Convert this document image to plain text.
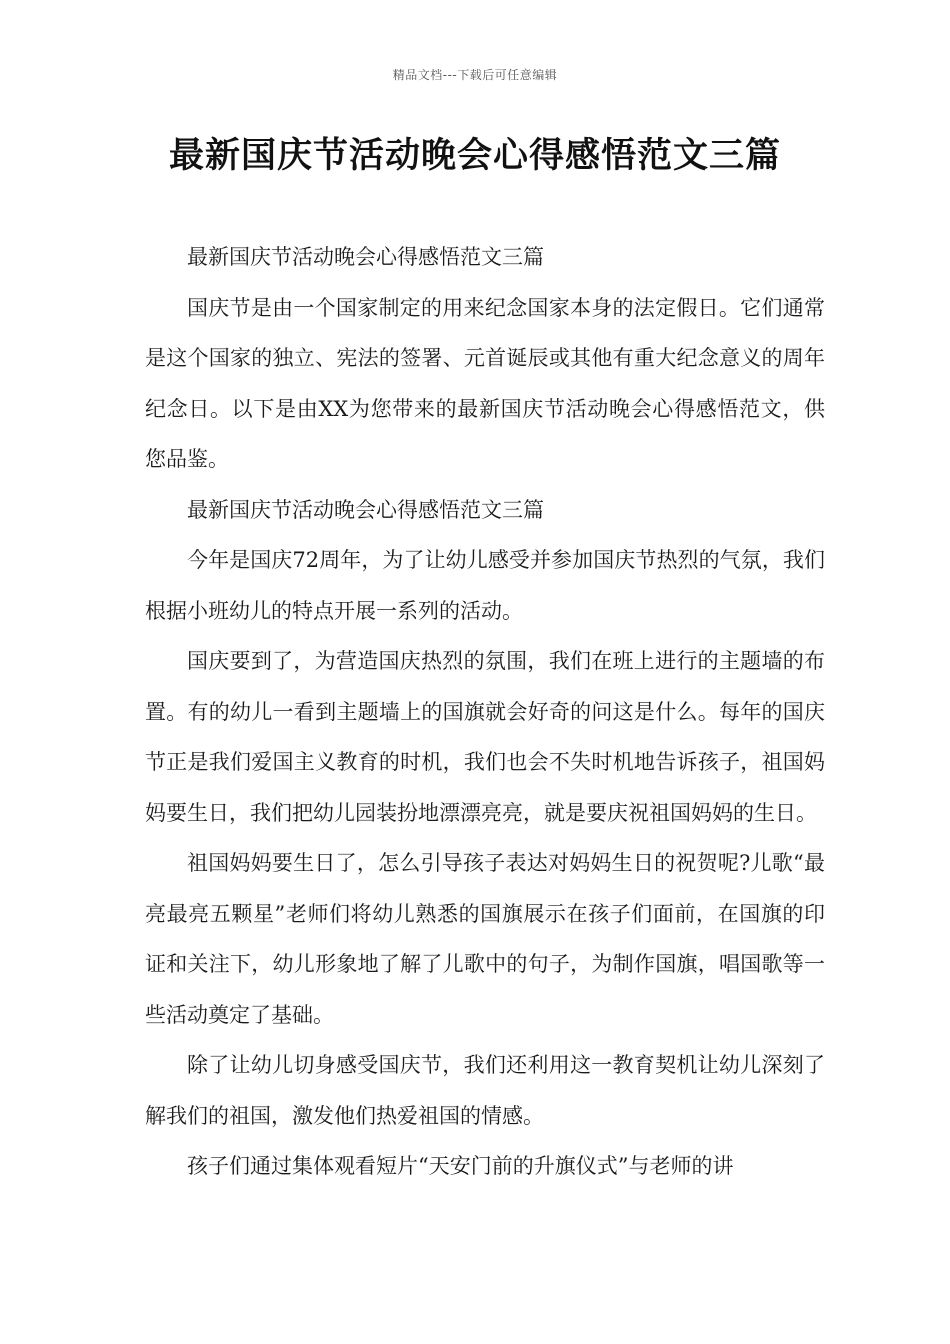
精品文档---下载后可任意编辑
最新国庆节活动晚会心得感悟范文三篇

最新国庆节活动晚会心得感悟范文三篇

国庆节是由一个国家制定的用来纪念国家本身的法定假日。它们通常是这个国家的独立、宪法的签署、元首诞辰或其他有重大纪念意义的周年纪念日。以下是由XX为您带来的最新国庆节活动晚会心得感悟范文，供您品鉴。

最新国庆节活动晚会心得感悟范文三篇

今年是国庆72周年，为了让幼儿感受并参加国庆节热烈的气氛，我们根据小班幼儿的特点开展一系列的活动。

国庆要到了，为营造国庆热烈的氛围，我们在班上进行的主题墙的布置。有的幼儿一看到主题墙上的国旗就会好奇的问这是什么。每年的国庆节正是我们爱国主义教育的时机，我们也会不失时机地告诉孩子，祖国妈妈要生日，我们把幼儿园装扮地漂漂亮亮，就是要庆祝祖国妈妈的生日。

祖国妈妈要生日了，怎么引导孩子表达对妈妈生日的祝贺呢?儿歌“最亮最亮五颗星”老师们将幼儿熟悉的国旗展示在孩子们面前，在国旗的印证和关注下，幼儿形象地了解了儿歌中的句子，为制作国旗，唱国歌等一些活动奠定了基础。

除了让幼儿切身感受国庆节，我们还利用这一教育契机让幼儿深刻了解我们的祖国，激发他们热爱祖国的情感。

孩子们通过集体观看短片“天安门前的升旗仪式”与老师的讲
